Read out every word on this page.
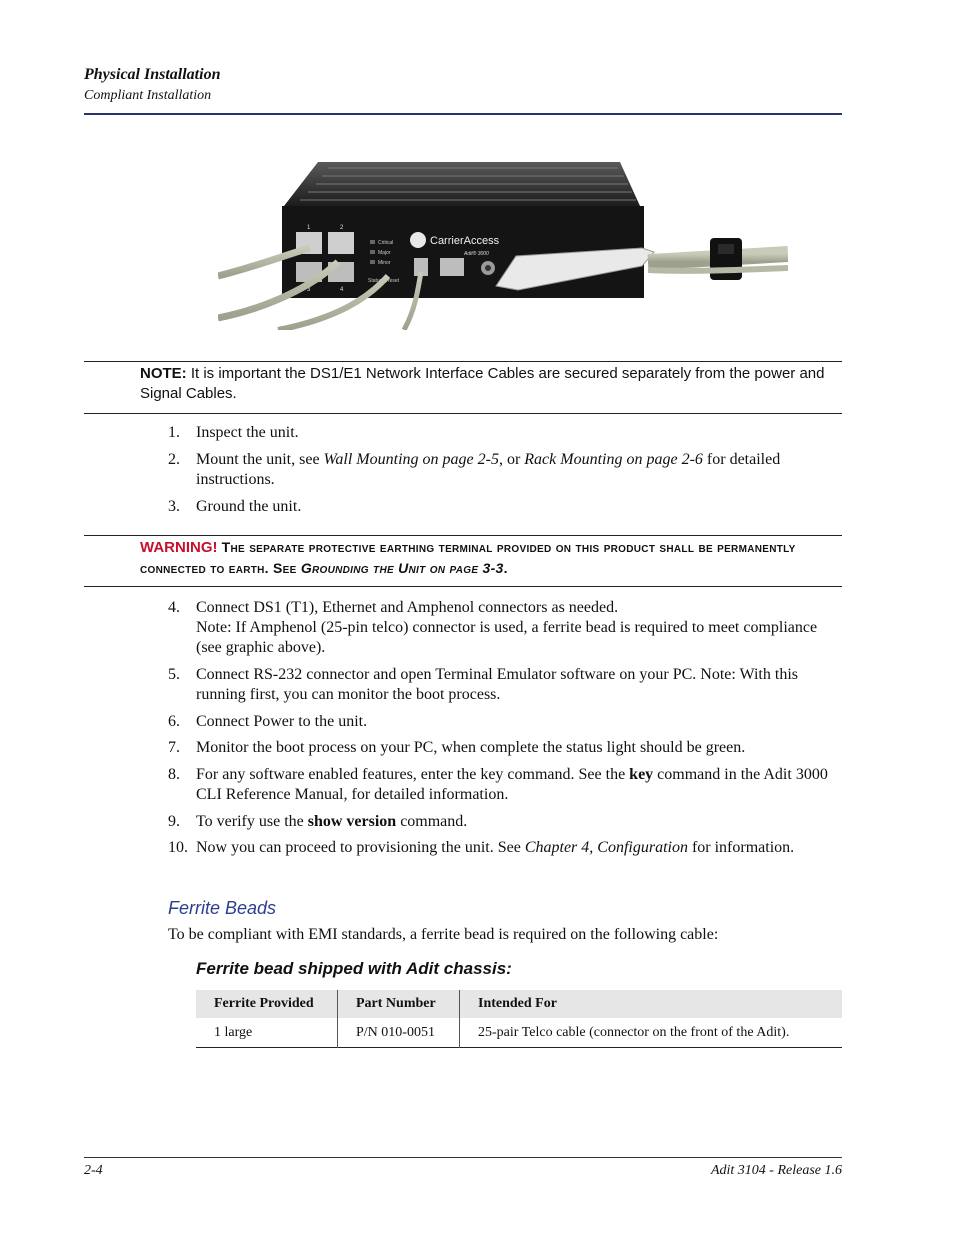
Physical Installation
Compliant Installation
1	2
3	4
Critical
Major
Minor
Status Reset
CarrierAccess
Adit® 3000
NOTE: It is important the DS1/E1 Network Interface Cables are secured separately from the power and Signal Cables.
1.	Inspect the unit.
2.	Mount the unit, see Wall Mounting on page 2-5, or Rack Mounting on page 2-6 for detailed instructions.
3.	Ground the unit.
WARNING! The separate protective earthing terminal provided on this product shall be permanently connected to earth. See Grounding the Unit on page 3-3.
4.	Connect DS1 (T1), Ethernet and Amphenol connectors as needed.
Note: If Amphenol (25-pin telco) connector is used, a ferrite bead is required to meet compliance (see graphic above).
5.	Connect RS-232 connector and open Terminal Emulator software on your PC. Note: With this running first, you can monitor the boot process.
6.	Connect Power to the unit.
7.	Monitor the boot process on your PC, when complete the status light should be green.
8.	For any software enabled features, enter the key command. See the key command in the Adit 3000 CLI Reference Manual, for detailed information.
9.	To verify use the show version command.
10. Now you can proceed to provisioning the unit. See Chapter 4, Configuration for information.
Ferrite Beads
To be compliant with EMI standards, a ferrite bead is required on the following cable:
Ferrite bead shipped with Adit chassis:
Ferrite Provided	Part Number	Intended For
1 large	P/N 010-0051	25-pair Telco cable (connector on the front of the Adit).
2-4	Adit 3104 - Release 1.6
